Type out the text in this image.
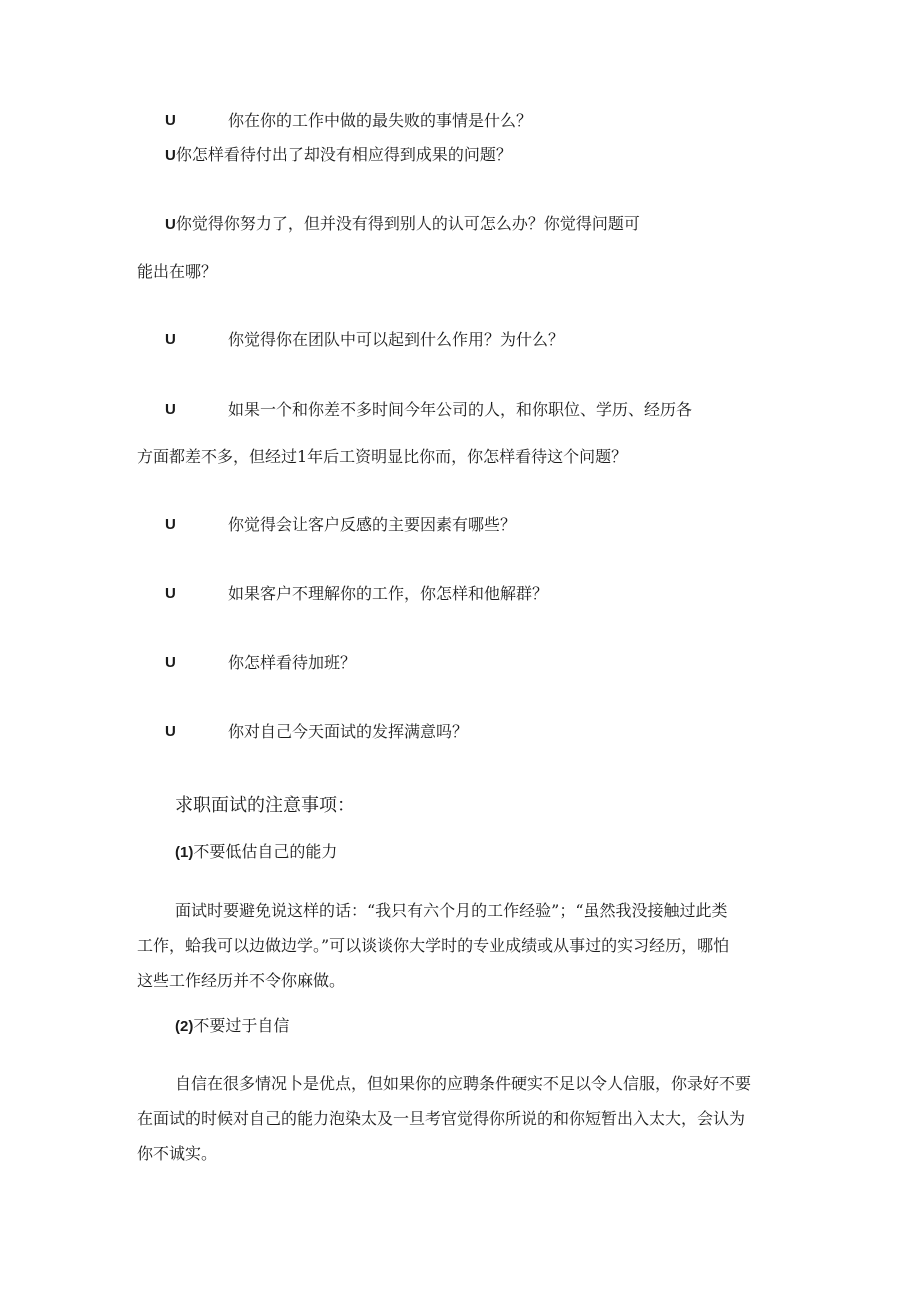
U	你在你的工作中做的最失败的事情是什么？
U你怎样看待付出了却没有相应得到成果的问题？
U你觉得你努力了，但并没有得到别人的认可怎么办？你觉得问题可
能出在哪？
U	你觉得你在团队中可以起到什么作用？为什么？
U	如果一个和你差不多时间今年公司的人，和你职位、学历、经历各
方面都差不多，但经过1年后工资明显比你而，你怎样看待这个问题？
U	你觉得会让客户反感的主要因素有哪些？
U	如果客户不理解你的工作，你怎样和他解群？
U	你怎样看待加班？
U	你对自己今天面试的发挥满意吗？
求职面试的注意事项：
(1)不要低估自己的能力
面试时要避免说这样的话：“我只有六个月的工作经验”；“虽然我没接触过此类
工作，蛤我可以边做边学。”可以谈谈你大学时的专业成绩或从事过的实习经历，哪怕
这些工作经历并不令你麻做。
(2)不要过于自信
自信在很多情况卜是优点，但如果你的应聘条件硬实不足以令人信服，你录好不要
在面试的时候对自己的能力泡染太及一旦考官觉得你所说的和你短暂出入太大，会认为
你不诚实。
